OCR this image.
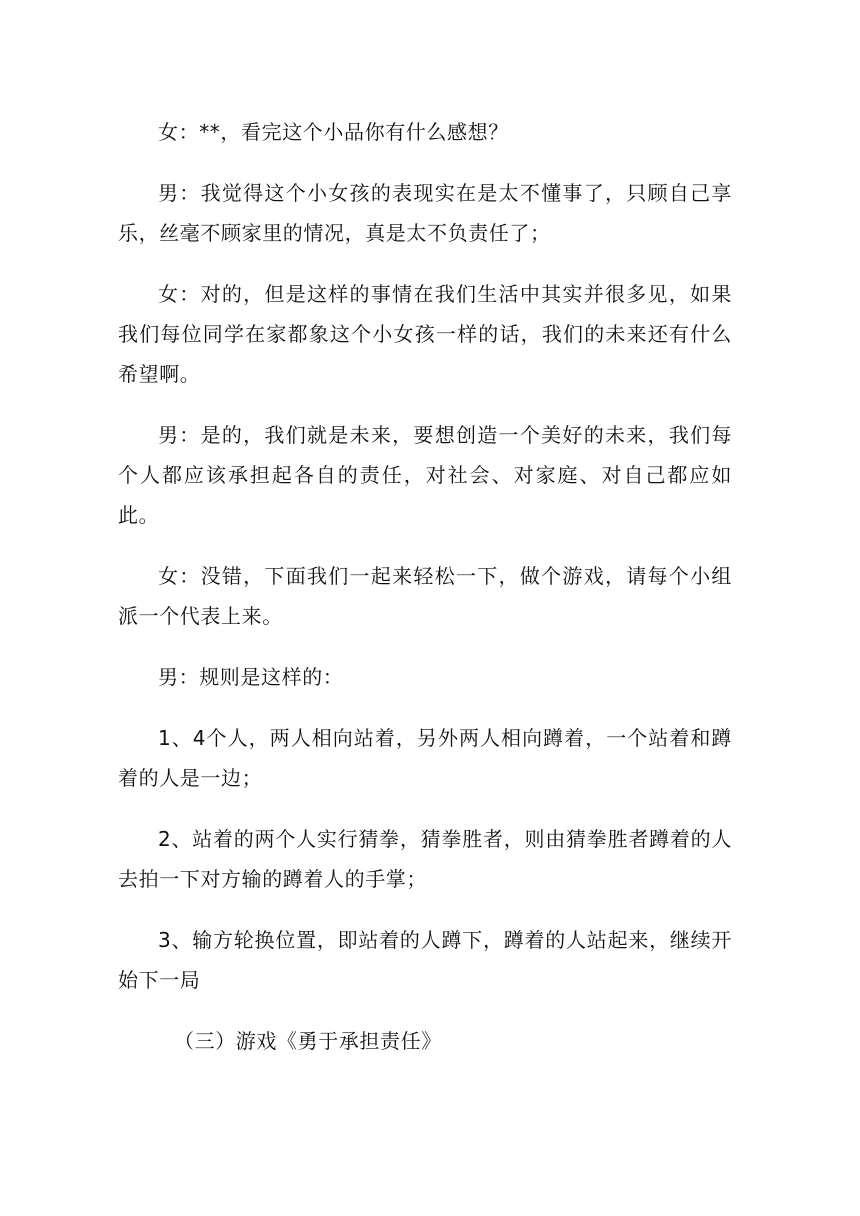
女：**，看完这个小品你有什么感想？

男：我觉得这个小女孩的表现实在是太不懂事了，只顾自己享乐，丝毫不顾家里的情况，真是太不负责任了；

女：对的，但是这样的事情在我们生活中其实并很多见，如果我们每位同学在家都象这个小女孩一样的话，我们的未来还有什么希望啊。

男：是的，我们就是未来，要想创造一个美好的未来，我们每个人都应该承担起各自的责任，对社会、对家庭、对自己都应如此。

女：没错，下面我们一起来轻松一下，做个游戏，请每个小组派一个代表上来。

男：规则是这样的：

1、4个人，两人相向站着，另外两人相向蹲着，一个站着和蹲着的人是一边；

2、站着的两个人实行猜拳，猜拳胜者，则由猜拳胜者蹲着的人去拍一下对方输的蹲着人的手掌；

3、输方轮换位置，即站着的人蹲下，蹲着的人站起来，继续开始下一局

（三）游戏《勇于承担责任》
